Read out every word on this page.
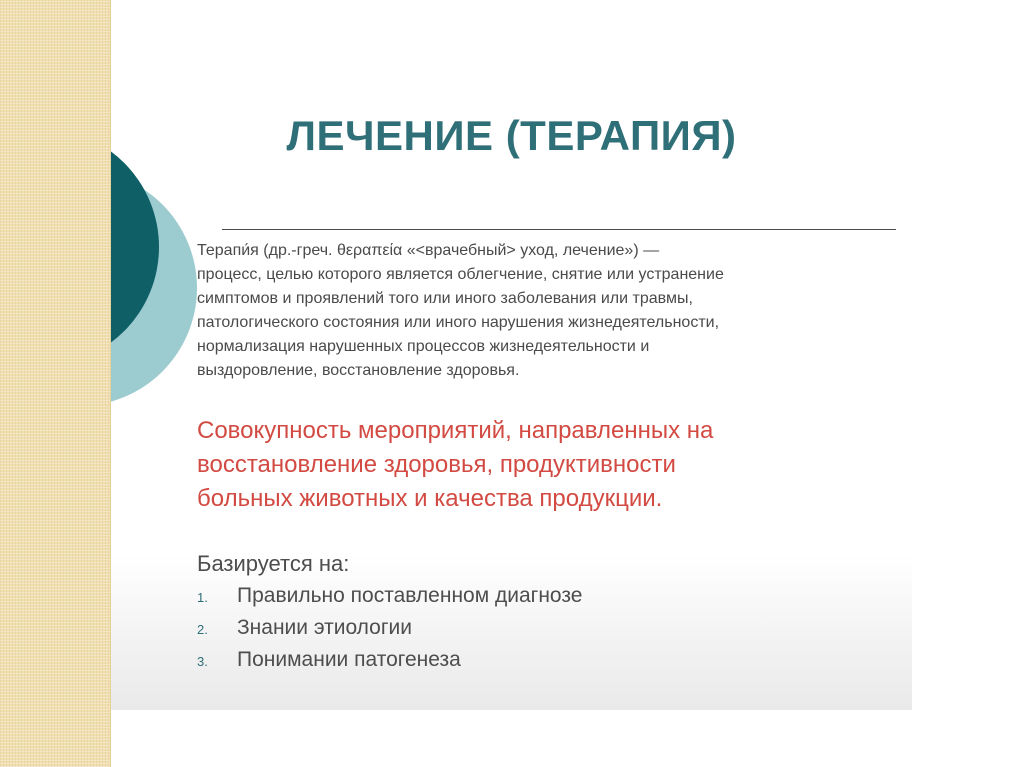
ЛЕЧЕНИЕ (ТЕРАПИЯ)

Терапи́я (др.-греч. θεραπεία «<врачебный> уход, лечение») —
процесс, целью которого является облегчение, снятие или устранение
симптомов и проявлений того или иного заболевания или травмы,
патологического состояния или иного нарушения жизнедеятельности,
нормализация нарушенных процессов жизнедеятельности и
выздоровление, восстановление здоровья.

Совокупность мероприятий, направленных на
восстановление здоровья, продуктивности
больных животных и качества продукции.

Базируется на:

1.	Правильно поставленном диагнозе
2.	Знании этиологии
3.	Понимании патогенеза
